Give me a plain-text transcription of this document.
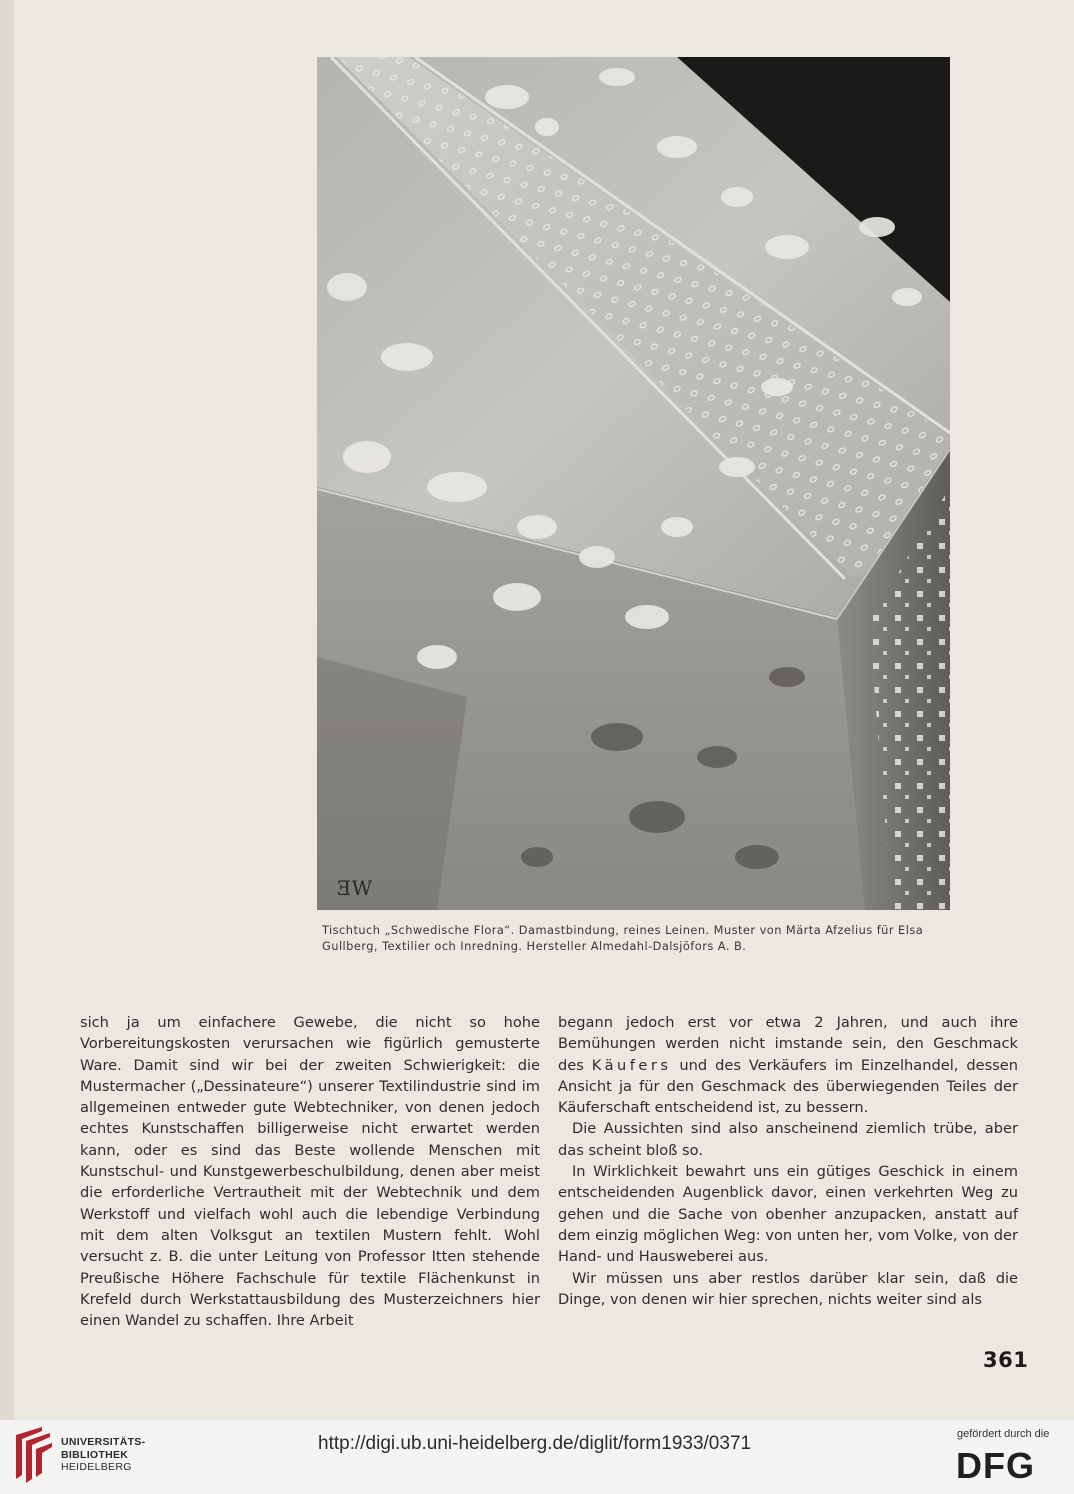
ƎW

Tischtuch „Schwedische Flora“. Damastbindung, reines Leinen. Muster von Märta Afzelius für Elsa

Gullberg, Textilier och Inredning. Hersteller Almedahl-Dalsjöfors A. B.

sich ja um einfachere Gewebe, die nicht so hohe Vorbereitungskosten verursachen wie figürlich gemusterte Ware. Damit sind wir bei der zweiten Schwierigkeit: die Mustermacher („Dessinateure“) unserer Textilindustrie sind im allgemeinen entweder gute Webtechniker, von denen jedoch echtes Kunstschaffen billigerweise nicht erwartet werden kann, oder es sind das Beste wollende Menschen mit Kunstschul- und Kunstgewerbeschulbildung, denen aber meist die erforderliche Vertrautheit mit der Webtechnik und dem Werkstoff und vielfach wohl auch die lebendige Verbindung mit dem alten Volksgut an textilen Mustern fehlt. Wohl versucht z. B. die unter Leitung von Professor Itten stehende Preußische Höhere Fachschule für textile Flächenkunst in Krefeld durch Werkstattausbildung des Musterzeichners hier einen Wandel zu schaffen. Ihre Arbeit

begann jedoch erst vor etwa 2 Jahren, und auch ihre Bemühungen werden nicht imstande sein, den Geschmack des Käufers und des Verkäufers im Einzelhandel, dessen Ansicht ja für den Geschmack des überwiegenden Teiles der Käuferschaft entscheidend ist, zu bessern.

Die Aussichten sind also anscheinend ziemlich trübe, aber das scheint bloß so.

In Wirklichkeit bewahrt uns ein gütiges Geschick in einem entscheidenden Augenblick davor, einen verkehrten Weg zu gehen und die Sache von obenher anzupacken, anstatt auf dem einzig möglichen Weg: von unten her, vom Volke, von der Hand- und Hausweberei aus.

Wir müssen uns aber restlos darüber klar sein, daß die Dinge, von denen wir hier sprechen, nichts weiter sind als

361
UNIVERSITÄTS-
BIBLIOTHEK
HEIDELBERG
http://digi.ub.uni-heidelberg.de/diglit/form1933/0371	gefördert durch die
DFG
